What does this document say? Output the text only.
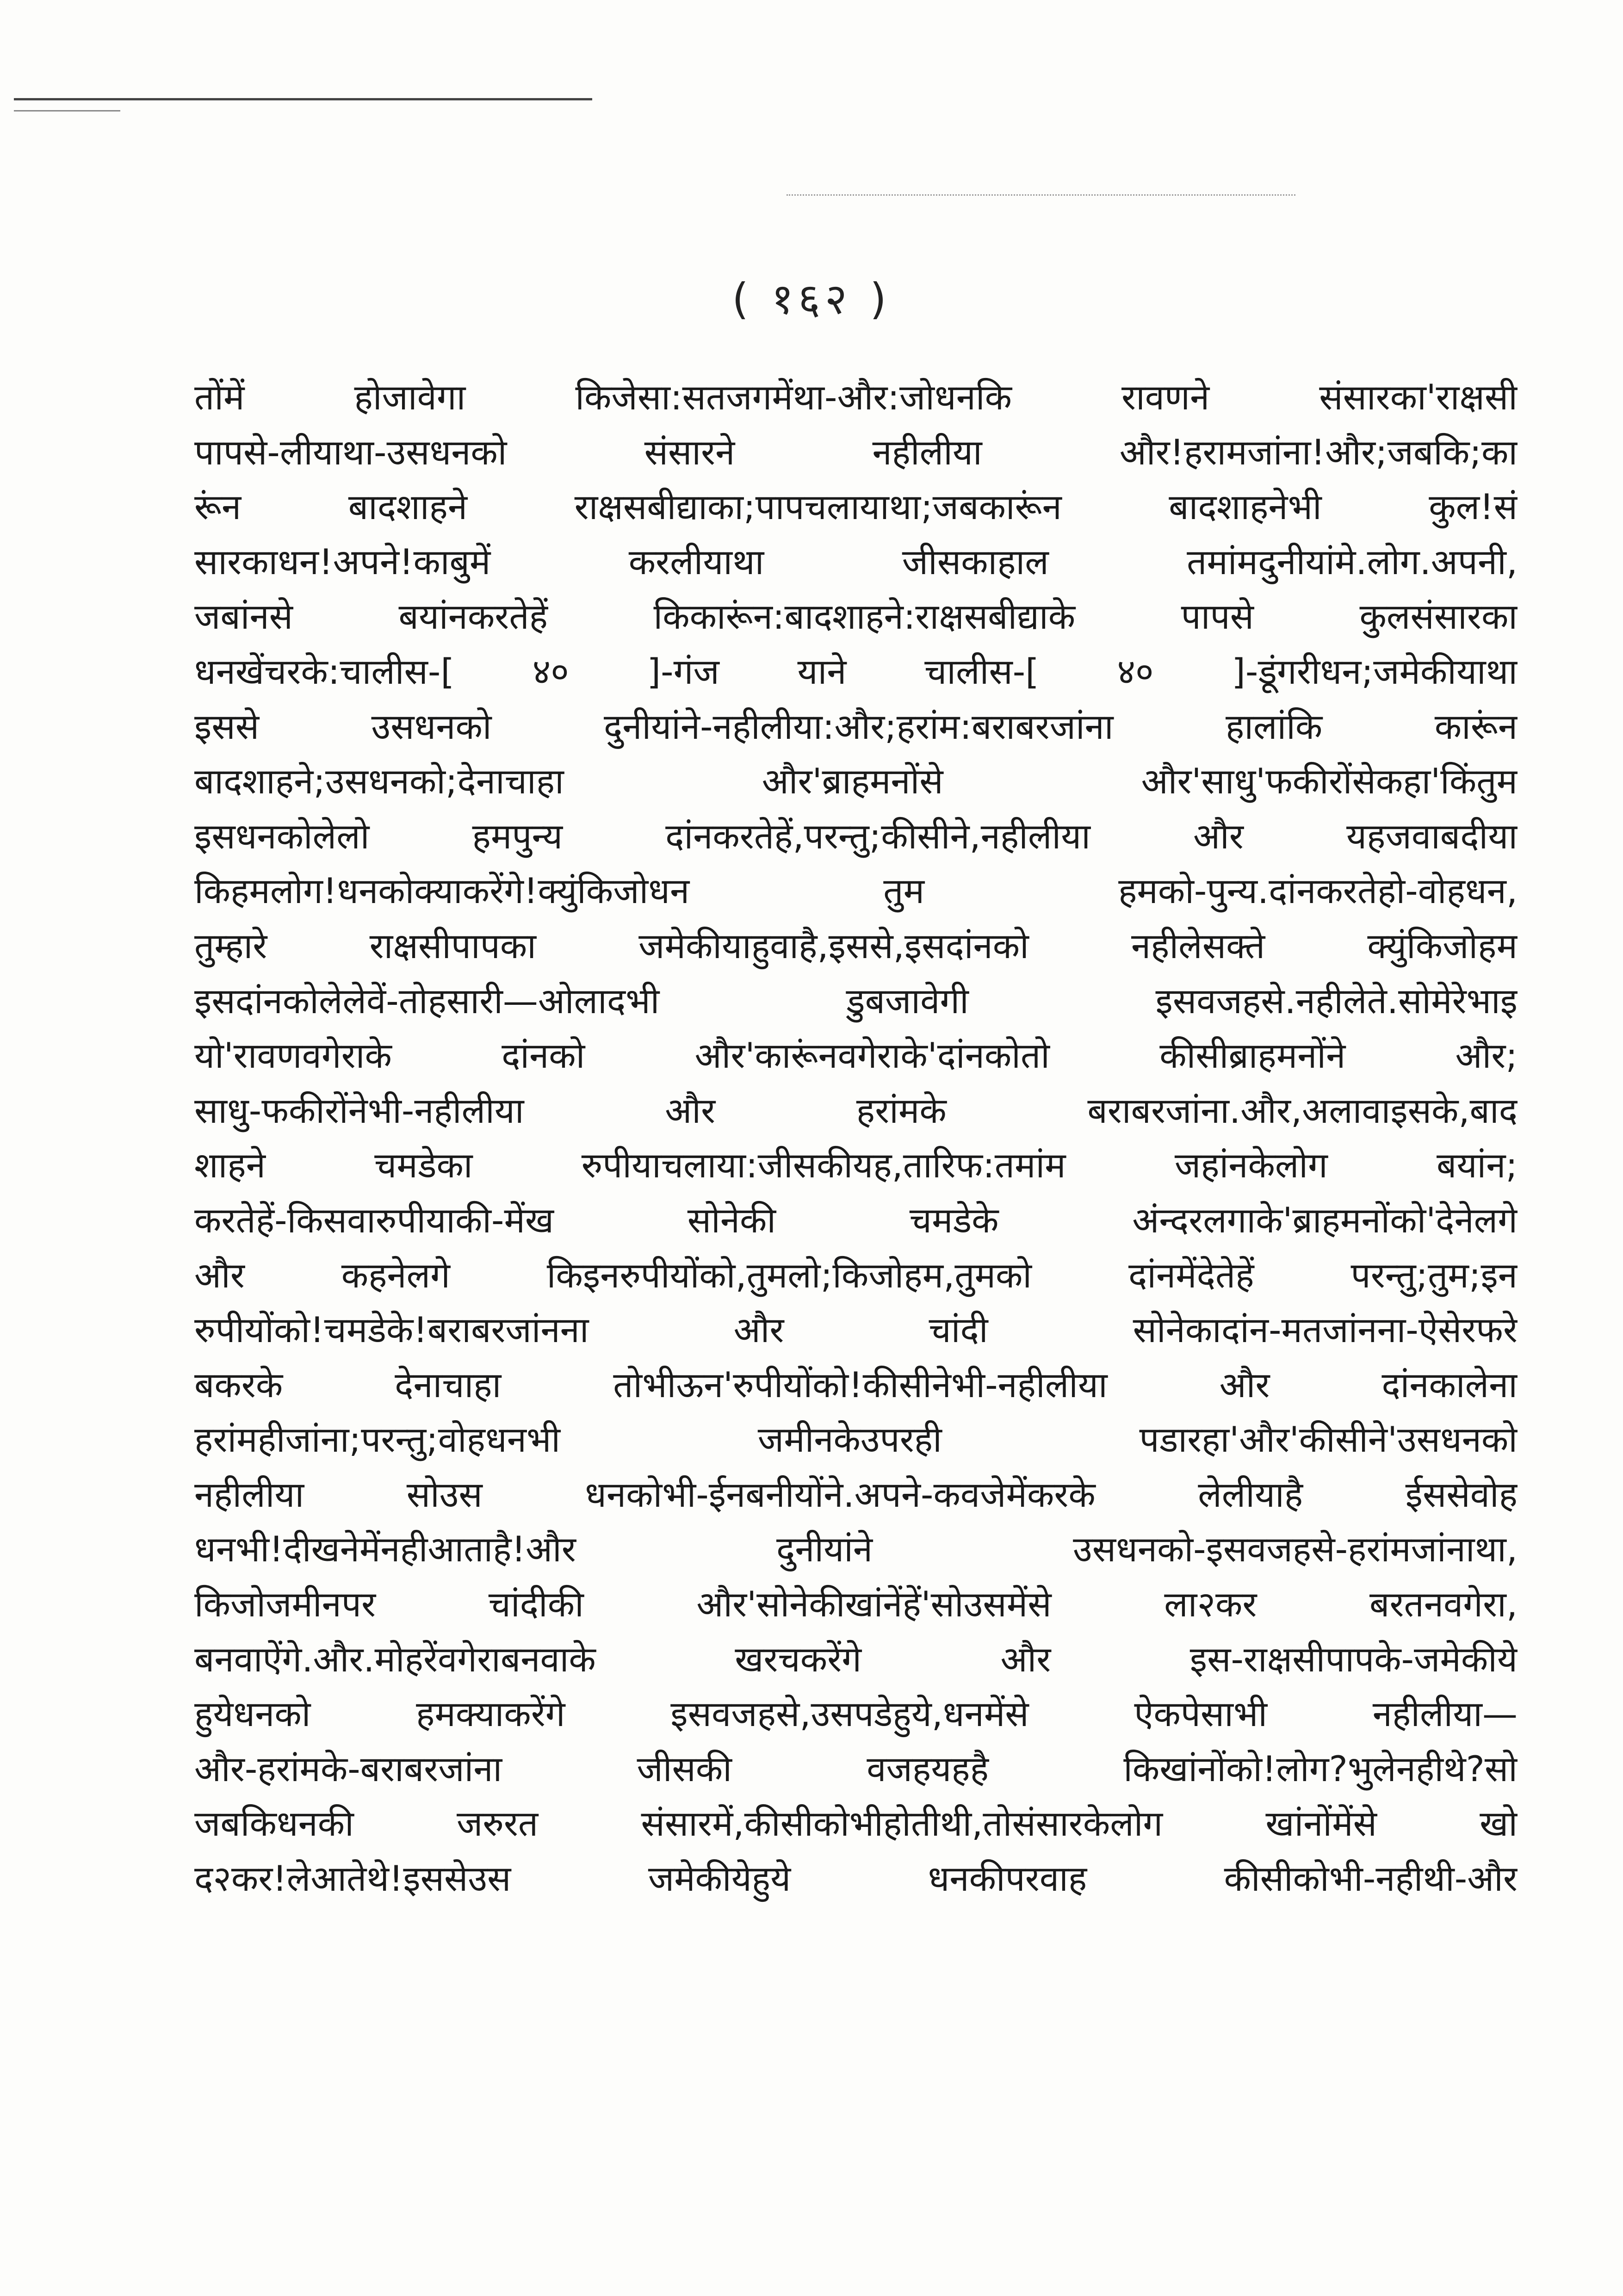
( १६२ )
तोंमें होजावेगा किजेसा:सतजगमेंथा-और:जोधनकि रावणने संसारका'राक्षसी
पापसे-लीयाथा-उसधनको संसारने नहीलीया और!हरामजांना!और;जबकि;का
रूंन बादशाहने राक्षसबीद्याका;पापचलायाथा;जबकारूंन बादशाहनेभी कुल!सं
सारकाधन!अपने!काबुमें करलीयाथा जीसकाहाल तमांमदुनीयांमे.लोग.अपनी,
जबांनसे बयांनकरतेहें किकारूंन:बादशाहने:राक्षसबीद्याके पापसे कुलसंसारका
धनखेंचरके:चालीस-[ ४० ]-गंज याने चालीस-[ ४० ]-डूंगरीधन;जमेकीयाथा
इससे उसधनको दुनीयांने-नहीलीया:और;हरांम:बराबरजांना हालांकि कारूंन
बादशाहने;उसधनको;देनाचाहा और'ब्राहमनोंसे और'साधु'फकीरोंसेकहा'किंतुम
इसधनकोलेलो हमपुन्य दांनकरतेहें,परन्तु;कीसीने,नहीलीया और यहजवाबदीया
किहमलोग!धनकोक्याकरेंगे!क्युंकिजोधन तुम हमको-पुन्य.दांनकरतेहो-वोहधन,
तुम्हारे राक्षसीपापका जमेकीयाहुवाहै,इससे,इसदांनको नहीलेसक्ते क्युंकिजोहम
इसदांनकोलेलेवें-तोहसारी—ओलादभी डुबजावेगी इसवजहसे.नहीलेते.सोमेरेभाइ
यो'रावणवगेराके दांनको और'कारूंनवगेराके'दांनकोतो कीसीब्राहमनोंने और;
साधु-फकीरोंनेभी-नहीलीया और हरांमके बराबरजांना.और,अलावाइसके,बाद
शाहने चमडेका रुपीयाचलाया:जीसकीयह,तारिफ:तमांम जहांनकेलोग बयांन;
करतेहें-किसवारुपीयाकी-मेंख सोनेकी चमडेके अंन्दरलगाके'ब्राहमनोंको'देनेलगे
और कहनेलगे किइनरुपीयोंको,तुमलो;किजोहम,तुमको दांनमेंदेतेहें परन्तु;तुम;इन
रुपीयोंको!चमडेके!बराबरजांनना और चांदी सोनेकादांन-मतजांनना-ऐसेरफरे
बकरके देनाचाहा तोभीऊन'रुपीयोंको!कीसीनेभी-नहीलीया और दांनकालेना
हरांमहीजांना;परन्तु;वोहधनभी जमीनकेउपरही पडारहा'और'कीसीने'उसधनको
नहीलीया सोउस धनकोभी-ईनबनीयोंने.अपने-कवजेमेंकरके लेलीयाहै ईससेवोह
धनभी!दीखनेमेंनहीआताहै!और दुनीयांने उसधनको-इसवजहसे-हरांमजांनाथा,
किजोजमीनपर चांदीकी और'सोनेकीखांनेंहें'सोउसमेंसे ला२कर बरतनवगेरा,
बनवाऐंगे.और.मोहरेंवगेराबनवाके खरचकरेंगे और इस-राक्षसीपापके-जमेकीये
हुयेधनको हमक्याकरेंगे इसवजहसे,उसपडेहुये,धनमेंसे ऐकपेसाभी नहीलीया—
और-हरांमके-बराबरजांना जीसकी वजहयहहै किखांनोंको!लोग?भुलेनहीथे?सो
जबकिधनकी जरुरत संसारमें,कीसीकोभीहोतीथी,तोसंसारकेलोग खांनोंमेंसे खो
द२कर!लेआतेथे!इससेउस जमेकीयेहुये धनकीपरवाह कीसीकोभी-नहीथी-और
